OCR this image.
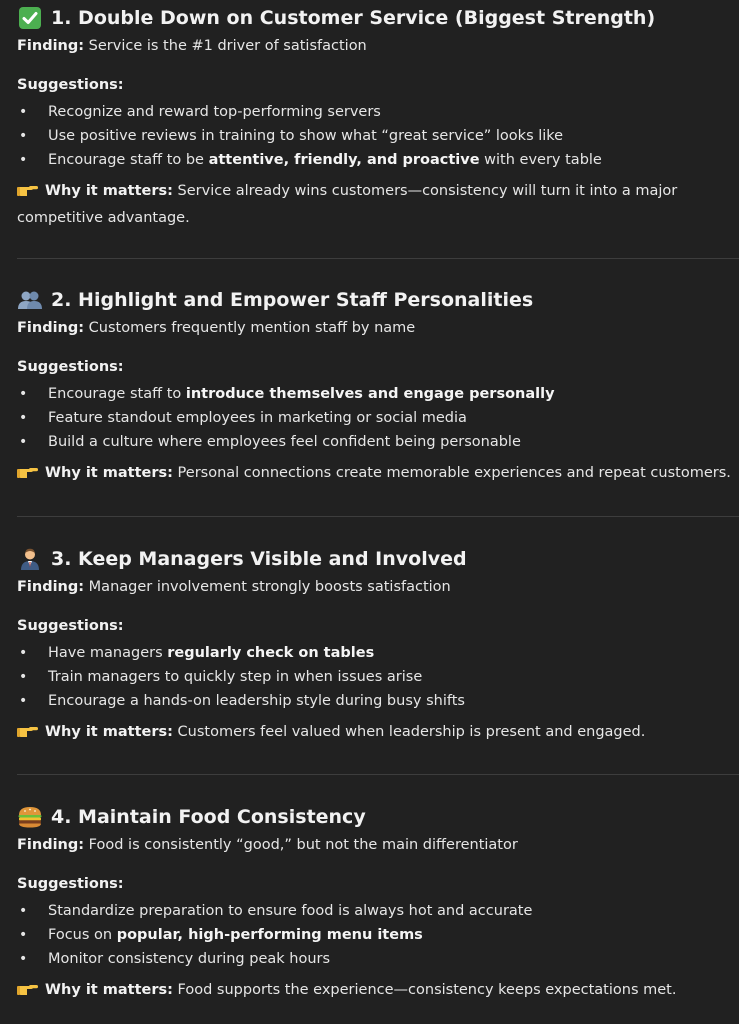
1. Double Down on Customer Service (Biggest Strength)
Finding: Service is the #1 driver of satisfaction
Suggestions:
• Recognize and reward top-performing servers
• Use positive reviews in training to show what “great service” looks like
• Encourage staff to be attentive, friendly, and proactive with every table
Why it matters: Service already wins customers—consistency will turn it into a major competitive advantage.
2. Highlight and Empower Staff Personalities
Finding: Customers frequently mention staff by name
Suggestions:
• Encourage staff to introduce themselves and engage personally
• Feature standout employees in marketing or social media
• Build a culture where employees feel confident being personable
Why it matters: Personal connections create memorable experiences and repeat customers.
3. Keep Managers Visible and Involved
Finding: Manager involvement strongly boosts satisfaction
Suggestions:
• Have managers regularly check on tables
• Train managers to quickly step in when issues arise
• Encourage a hands-on leadership style during busy shifts
Why it matters: Customers feel valued when leadership is present and engaged.
4. Maintain Food Consistency
Finding: Food is consistently “good,” but not the main differentiator
Suggestions:
• Standardize preparation to ensure food is always hot and accurate
• Focus on popular, high-performing menu items
• Monitor consistency during peak hours
Why it matters: Food supports the experience—consistency keeps expectations met.
